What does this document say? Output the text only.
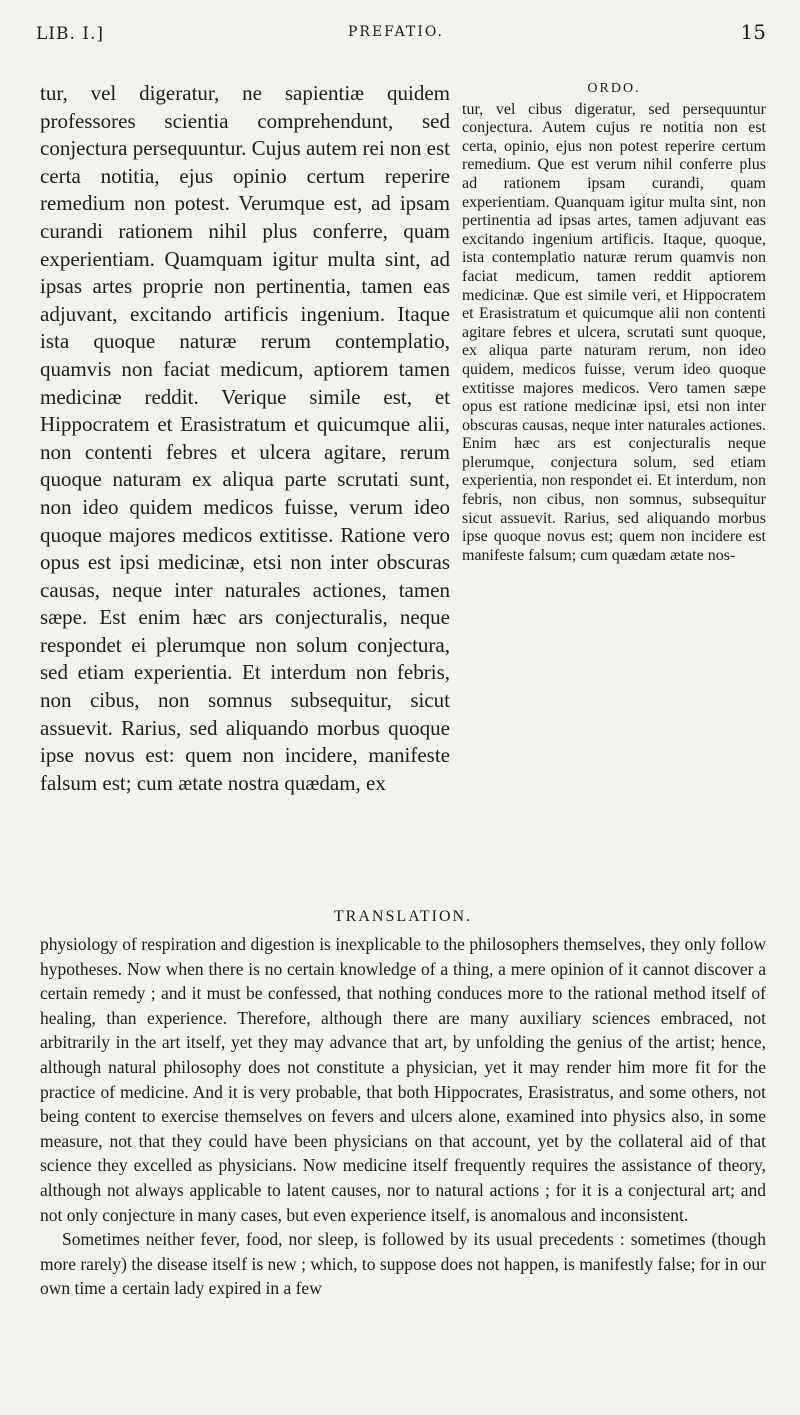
LIB. I.]	PREFATIO.	15

tur, vel digeratur, ne sapientiæ quidem professores scientia comprehendunt, sed conjectura persequuntur. Cujus autem rei non est certa notitia, ejus opinio certum reperire remedium non potest. Verumque est, ad ipsam curandi rationem nihil plus conferre, quam experientiam. Quamquam igitur multa sint, ad ipsas artes proprie non pertinentia, tamen eas adjuvant, excitando artificis ingenium. Itaque ista quoque naturæ rerum contemplatio, quamvis non faciat medicum, aptiorem tamen medicinæ reddit. Verique simile est, et Hippocratem et Erasistratum et quicumque alii, non contenti febres et ulcera agitare, rerum quoque naturam ex aliqua parte scrutati sunt, non ideo quidem medicos fuisse, verum ideo quoque majores medicos extitisse. Ratione vero opus est ipsi medicinæ, etsi non inter obscuras causas, neque inter naturales actiones, tamen sæpe. Est enim hæc ars conjecturalis, neque respondet ei plerumque non solum conjectura, sed etiam experientia. Et interdum non febris, non cibus, non somnus subsequitur, sicut assuevit. Rarius, sed aliquando morbus quoque ipse novus est: quem non incidere, manifeste falsum est; cum ætate nostra quædam, ex

ORDO.

tur, vel cibus digeratur, sed persequuntur conjectura. Autem cujus re notitia non est certa, opinio, ejus non potest reperire certum remedium. Que est verum nihil conferre plus ad rationem ipsam curandi, quam experientiam. Quanquam igitur multa sint, non pertinentia ad ipsas artes, tamen adjuvant eas excitando ingenium artificis. Itaque, quoque, ista contemplatio naturæ rerum quamvis non faciat medicum, tamen reddit aptiorem medicinæ. Que est simile veri, et Hippocratem et Erasistratum et quicumque alii non contenti agitare febres et ulcera, scrutati sunt quoque, ex aliqua parte naturam rerum, non ideo quidem, medicos fuisse, verum ideo quoque extitisse majores medicos. Vero tamen sæpe opus est ratione medicinæ ipsi, etsi non inter obscuras causas, neque inter naturales actiones. Enim hæc ars est conjecturalis neque plerumque, conjectura solum, sed etiam experientia, non respondet ei. Et interdum, non febris, non cibus, non somnus, subsequitur sicut assuevit. Rarius, sed aliquando morbus ipse quoque novus est; quem non incidere est manifeste falsum; cum quædam ætate nos-

TRANSLATION.

physiology of respiration and digestion is inexplicable to the philosophers themselves, they only follow hypotheses. Now when there is no certain knowledge of a thing, a mere opinion of it cannot discover a certain remedy ; and it must be confessed, that nothing conduces more to the rational method itself of healing, than experience. Therefore, although there are many auxiliary sciences embraced, not arbitrarily in the art itself, yet they may advance that art, by unfolding the genius of the artist; hence, although natural philosophy does not constitute a physician, yet it may render him more fit for the practice of medicine. And it is very probable, that both Hippocrates, Erasistratus, and some others, not being content to exercise themselves on fevers and ulcers alone, examined into physics also, in some measure, not that they could have been physicians on that account, yet by the collateral aid of that science they excelled as physicians. Now medicine itself frequently requires the assistance of theory, although not always applicable to latent causes, nor to natural actions ; for it is a conjectural art; and not only conjecture in many cases, but even experience itself, is anomalous and inconsistent.

Sometimes neither fever, food, nor sleep, is followed by its usual precedents : sometimes (though more rarely) the disease itself is new ; which, to suppose does not happen, is manifestly false; for in our own time a certain lady expired in a few
